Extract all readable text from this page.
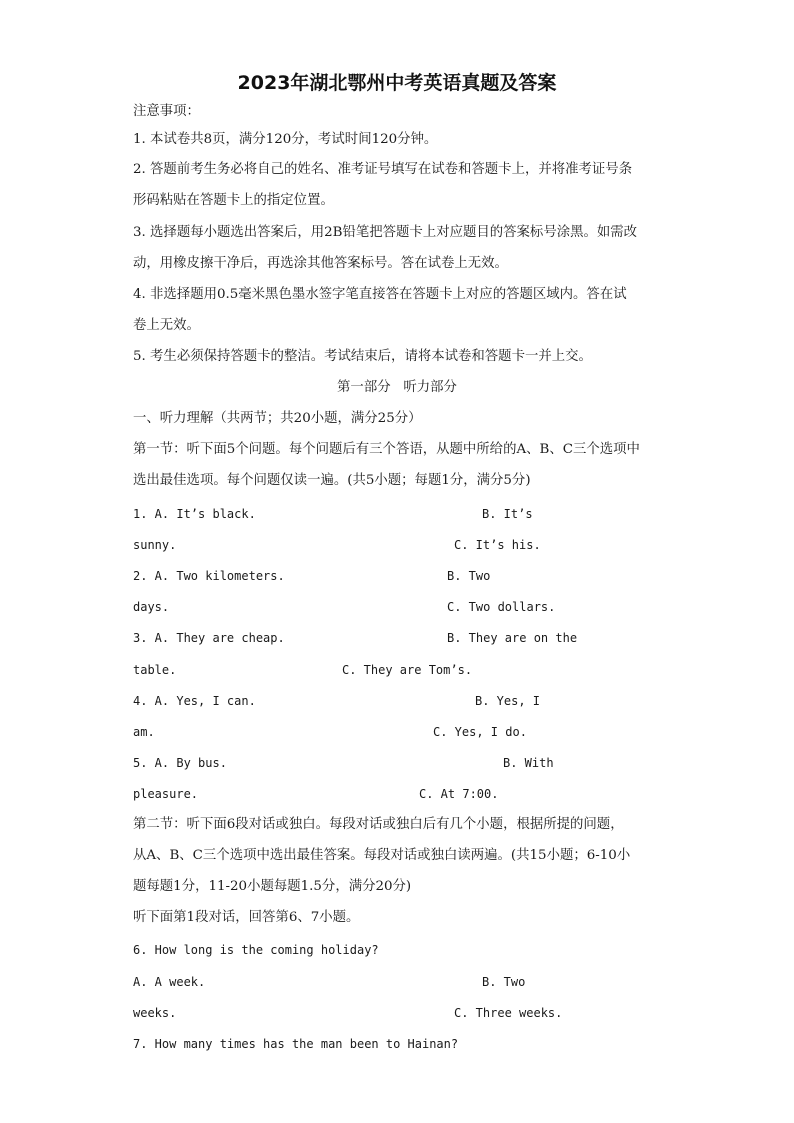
2023年湖北鄂州中考英语真题及答案
注意事项：
1. 本试卷共8页，满分120分，考试时间120分钟。
2. 答题前考生务必将自己的姓名、准考证号填写在试卷和答题卡上，并将准考证号条
形码粘贴在答题卡上的指定位置。
3. 选择题每小题选出答案后，用2B铅笔把答题卡上对应题目的答案标号涂黑。如需改
动，用橡皮擦干净后，再选涂其他答案标号。答在试卷上无效。
4. 非选择题用0.5毫米黑色墨水签字笔直接答在答题卡上对应的答题区域内。答在试
卷上无效。
5. 考生必须保持答题卡的整洁。考试结束后，请将本试卷和答题卡一并上交。
第一部分   听力部分
一、听力理解（共两节；共20小题，满分25分）
第一节：听下面5个问题。每个问题后有三个答语，从题中所给的A、B、C三个选项中
选出最佳选项。每个问题仅读一遍。(共5小题；每题1分，满分5分)
1. A. It’s black.	B. It’s
sunny.	C. It’s his.
2. A. Two kilometers.	B. Two
days.	C. Two dollars.
3. A. They are cheap.	B. They are on the
table.	C. They are Tom’s.
4. A. Yes, I can.	B. Yes, I
am.	C. Yes, I do.
5. A. By bus.	B. With
pleasure.	C. At 7:00.
第二节：听下面6段对话或独白。每段对话或独白后有几个小题，根据所提的问题，
从A、B、C三个选项中选出最佳答案。每段对话或独白读两遍。(共15小题；6-10小
题每题1分，11-20小题每题1.5分，满分20分)
听下面第1段对话，回答第6、7小题。
6. How long is the coming holiday?
A. A week.	B. Two
weeks.	C. Three weeks.
7. How many times has the man been to Hainan?
